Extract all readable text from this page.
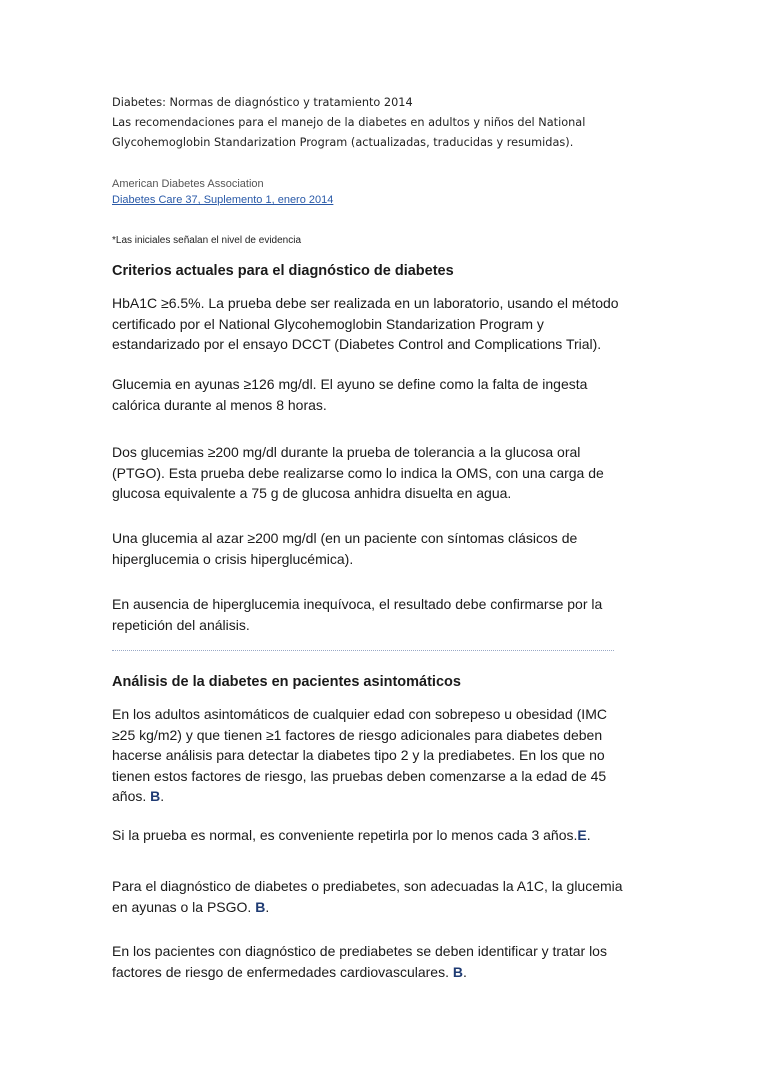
Diabetes: Normas de diagnóstico y tratamiento 2014
Las recomendaciones para el manejo de la diabetes en adultos y niños del National
Glycohemoglobin Standarization Program (actualizadas, traducidas y resumidas).
American Diabetes Association
Diabetes Care 37, Suplemento 1, enero 2014
*Las iniciales señalan el nivel de evidencia
Criterios actuales para el diagnóstico de diabetes
HbA1C ≥6.5%. La prueba debe ser realizada en un laboratorio, usando el método
certificado por el National Glycohemoglobin Standarization Program y
estandarizado por el ensayo DCCT (Diabetes Control and Complications Trial).
Glucemia en ayunas ≥126 mg/dl. El ayuno se define como la falta de ingesta
calórica durante al menos 8 horas.
Dos glucemias ≥200 mg/dl durante la prueba de tolerancia a la glucosa oral
(PTGO). Esta prueba debe realizarse como lo indica la OMS, con una carga de
glucosa equivalente a 75 g de glucosa anhidra disuelta en agua.
Una glucemia al azar ≥200 mg/dl (en un paciente con síntomas clásicos de
hiperglucemia o crisis hiperglucémica).
En ausencia de hiperglucemia inequívoca, el resultado debe confirmarse por la
repetición del análisis.
Análisis de la diabetes en pacientes asintomáticos
En los adultos asintomáticos de cualquier edad con sobrepeso u obesidad (IMC
≥25 kg/m2) y que tienen ≥1 factores de riesgo adicionales para diabetes deben
hacerse análisis para detectar la diabetes tipo 2 y la prediabetes. En los que no
tienen estos factores de riesgo, las pruebas deben comenzarse a la edad de 45
años. B.
Si la prueba es normal, es conveniente repetirla por lo menos cada 3 años.E.
Para el diagnóstico de diabetes o prediabetes, son adecuadas la A1C, la glucemia
en ayunas o la PSGO. B.
En los pacientes con diagnóstico de prediabetes se deben identificar y tratar los
factores de riesgo de enfermedades cardiovasculares. B.
